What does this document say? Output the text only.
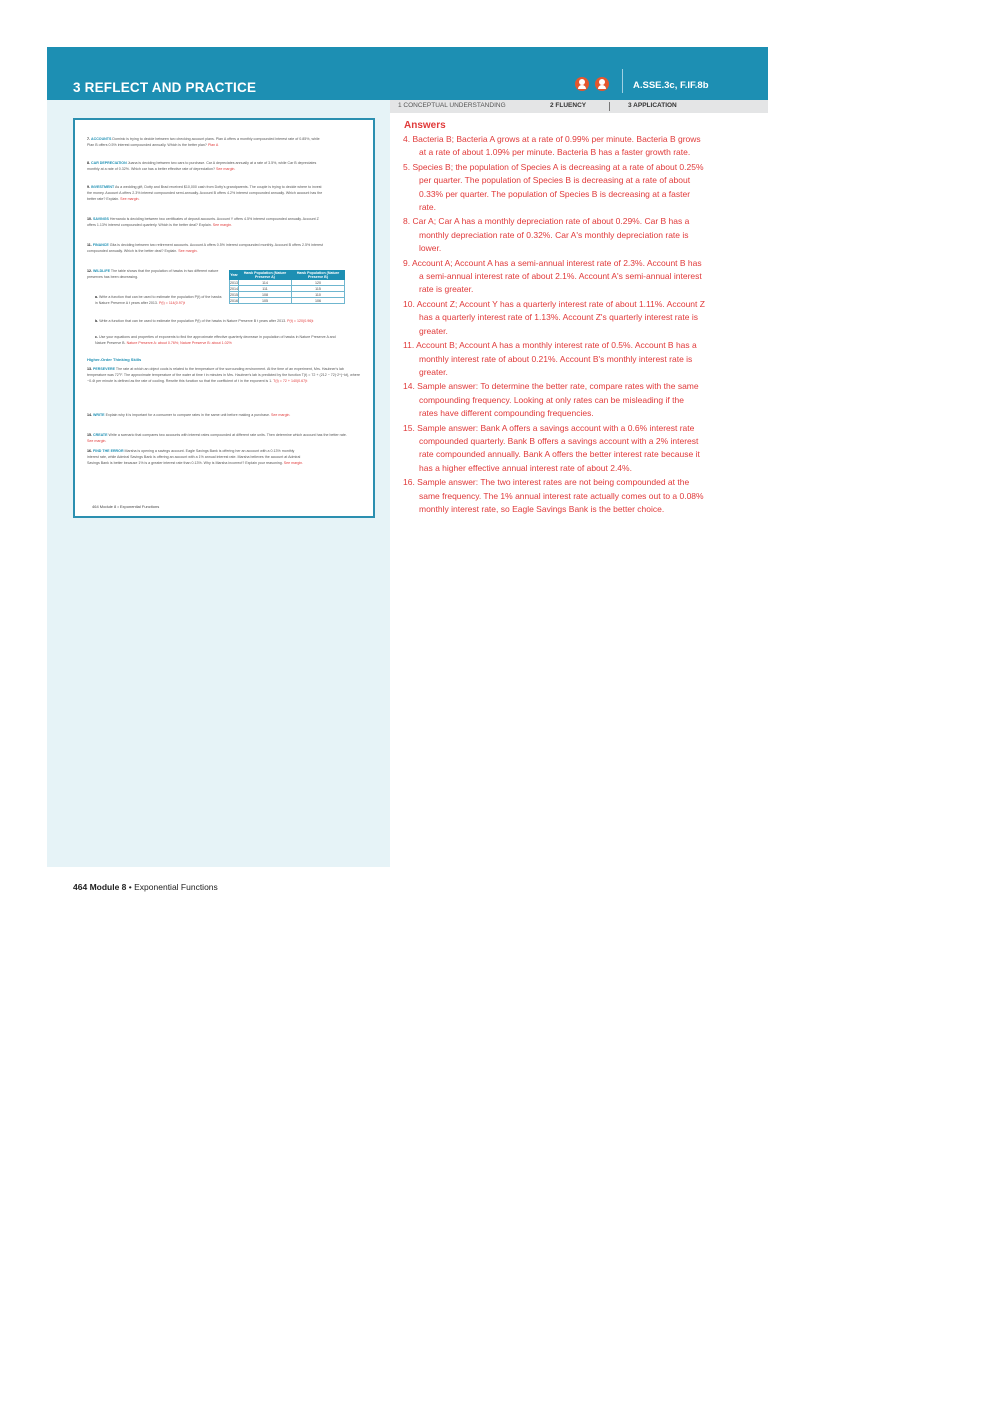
3 REFLECT AND PRACTICE	A.SSE.3c, F.IF.8b
1 CONCEPTUAL UNDERSTANDING	2 FLUENCY	3 APPLICATION
7. ACCOUNTS Dominic is trying to decide between two checking account plans. Plan A offers a monthly compounded interest rate of 0.85%, while Plan B offers 0.5% interest compounded annually. Which is the better plan? Plan A
8. CAR DEPRECIATION Juana is deciding between two cars to purchase. Car A depreciates annually at a rate of 3.5%, while Car B depreciates monthly at a rate of 0.32%. Which car has a better effective rate of depreciation? See margin.
9. INVESTMENT As a wedding gift, Dotty and Brad received $10,000 cash from Dotty's grandparents. The couple is trying to decide where to invest the money. Account A offers 2.3% interest compounded semi-annually. Account B offers 4.2% interest compounded annually. Which account has the better rate? Explain. See margin.
10. SAVINGS Hernando is deciding between two certificates of deposit accounts. Account Y offers 4.5% interest compounded annually. Account Z offers 1.13% interest compounded quarterly. Which is the better deal? Explain. See margin.
11. FINANCE Gita is deciding between two retirement accounts. Account A offers 0.5% interest compounded monthly. Account B offers 2.5% interest compounded annually. Which is the better deal? Explain. See margin.
12. WILDLIFE The table shows that the population of hawks in two different nature preserves has been decreasing.
a. Write a function that can be used to estimate the population P(t) of the hawks in Nature Preserve A t years after 2013. P(t) = 114(0.97)t
b. Write a function that can be used to estimate the population P(t) of the hawks in Nature Preserve B t years after 2013. P(t) = 120(0.96)t
c. Use your equations and properties of exponents to find the approximate effective quarterly decrease in population of hawks in Nature Preserve A and Nature Preserve B. Nature Preserve A: about 0.76%; Nature Preserve B: about 1.02%
Year	Hawk Population (Nature Preserve A)	Hawk Population (Nature Preserve B)
2013	114	120
2014	111	115
2015	108	110
2016	105	106
Higher-Order Thinking Skills
13. PERSEVERE The rate at which an object cools is related to the temperature of the surrounding environment. At the time of an experiment, Mrs. Haubner's lab temperature was 72°F. The approximate temperature of the water at time t in minutes in Mrs. Haubner's lab is predicted by the function T(t) = 72 + (212 − 72)·2^(−kt), where −0.4t per minute is defined as the rate of cooling. Rewrite this function so that the coefficient of t in the exponent is 1. T(t) = 72 + 140(0.67)t
14. WRITE Explain why it is important for a consumer to compare rates in the same unit before making a purchase. See margin.
15. CREATE Write a scenario that compares two accounts with interest rates compounded at different rate units. Then determine which account has the better rate. See margin.
16. FIND THE ERROR Marsha is opening a savings account. Eagle Savings Bank is offering her an account with a 0.13% monthly interest rate, while Admiral Savings Bank is offering an account with a 1% annual interest rate. Marsha believes the account at Admiral Savings Bank is better because 1% is a greater interest rate than 0.13%. Why is Marsha incorrect? Explain your reasoning. See margin.
464 Module 8 • Exponential Functions
Answers

4. Bacteria B; Bacteria A grows at a rate of 0.99% per minute. Bacteria B grows at a rate of about 1.09% per minute. Bacteria B has a faster growth rate.

5. Species B; the population of Species A is decreasing at a rate of about 0.25% per quarter. The population of Species B is decreasing at a rate of about 0.33% per quarter. The population of Species B is decreasing at a faster rate.

8. Car A; Car A has a monthly depreciation rate of about 0.29%. Car B has a monthly depreciation rate of 0.32%. Car A's monthly depreciation rate is lower.

9. Account A; Account A has a semi-annual interest rate of 2.3%. Account B has a semi-annual interest rate of about 2.1%. Account A's semi-annual interest rate is greater.

10. Account Z; Account Y has a quarterly interest rate of about 1.11%. Account Z has a quarterly interest rate of 1.13%. Account Z's quarterly interest rate is greater.

11. Account B; Account A has a monthly interest rate of 0.5%. Account B has a monthly interest rate of about 0.21%. Account B's monthly interest rate is greater.

14. Sample answer: To determine the better rate, compare rates with the same compounding frequency. Looking at only rates can be misleading if the rates have different compounding frequencies.

15. Sample answer: Bank A offers a savings account with a 0.6% interest rate compounded quarterly. Bank B offers a savings account with a 2% interest rate compounded annually. Bank A offers the better interest rate because it has a higher effective annual interest rate of about 2.4%.

16. Sample answer: The two interest rates are not being compounded at the same frequency. The 1% annual interest rate actually comes out to a 0.08% monthly interest rate, so Eagle Savings Bank is the better choice.

464 Module 8 • Exponential Functions
